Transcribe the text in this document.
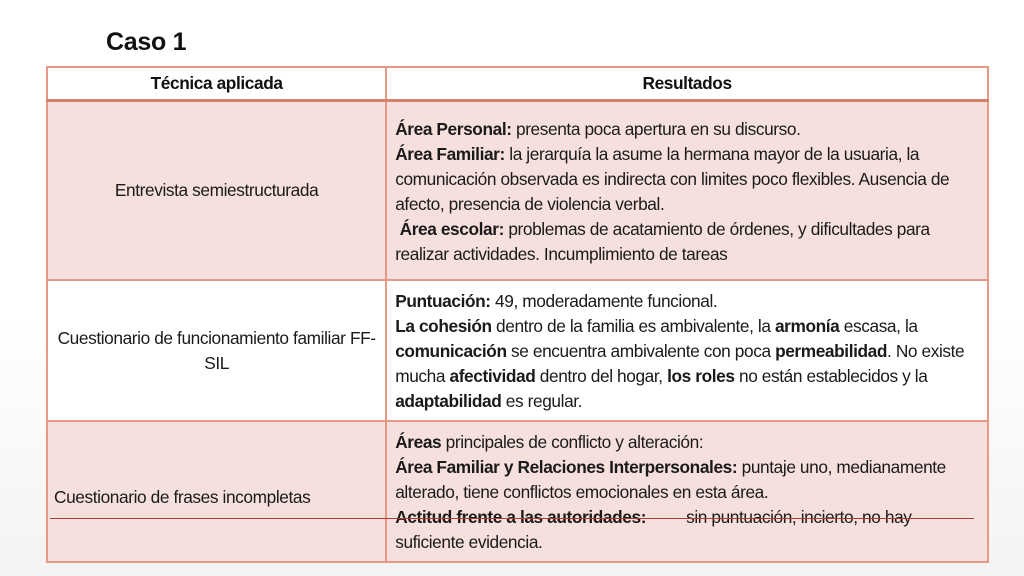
Caso 1
Técnica aplicada	Resultados
Entrevista semiestructurada	Área Personal: presenta poca apertura en su discurso.
Área Familiar: la jerarquía la asume la hermana mayor de la usuaria, la comunicación observada es indirecta con limites poco flexibles. Ausencia de afecto, presencia de violencia verbal.
Área escolar: problemas de acatamiento de órdenes, y dificultades para realizar actividades. Incumplimiento de tareas

Cuestionario de funcionamiento familiar FF-SIL	Puntuación: 49, moderadamente funcional.
La cohesión dentro de la familia es ambivalente, la armonía escasa, la comunicación se encuentra ambivalente con poca permeabilidad. No existe mucha afectividad dentro del hogar, los roles no están establecidos y la adaptabilidad es regular.

Cuestionario de frases incompletas	Áreas principales de conflicto y alteración:
Área Familiar y Relaciones Interpersonales: puntaje uno, medianamente alterado, tiene conflictos emocionales en esta área.
Actitud frente a las autoridades: sin puntuación, incierto, no hay suficiente evidencia.
